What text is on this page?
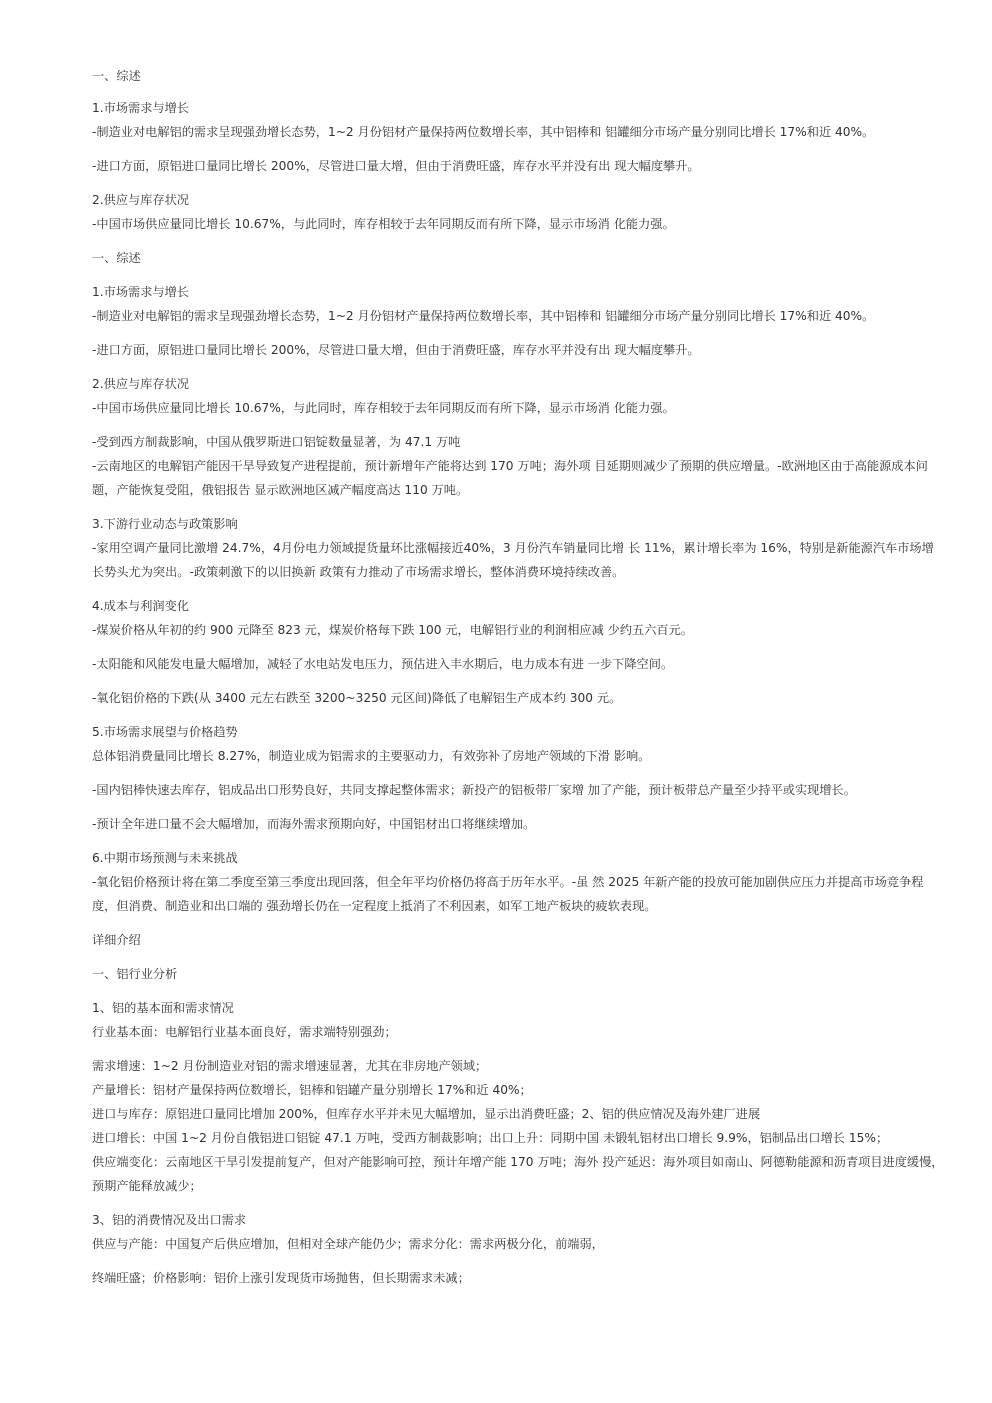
一、综述
1.市场需求与增长
-制造业对电解铝的需求呈现强劲增长态势，1~2 月份铝材产量保持两位数增长率，其中铝棒和 铝罐细分市场产量分别同比增长 17%和近 40%。
-进口方面，原铝进口量同比增长 200%，尽管进口量大增，但由于消费旺盛，库存水平并没有出 现大幅度攀升。
2.供应与库存状况
-中国市场供应量同比增长 10.67%，与此同时，库存相较于去年同期反而有所下降，显示市场消 化能力强。
一、综述
1.市场需求与增长
-制造业对电解铝的需求呈现强劲增长态势，1~2 月份铝材产量保持两位数增长率，其中铝棒和 铝罐细分市场产量分别同比增长 17%和近 40%。
-进口方面，原铝进口量同比增长 200%，尽管进口量大增，但由于消费旺盛，库存水平并没有出 现大幅度攀升。
2.供应与库存状况
-中国市场供应量同比增长 10.67%，与此同时，库存相较于去年同期反而有所下降，显示市场消 化能力强。
-受到西方制裁影响，中国从俄罗斯进口铝锭数量显著，为 47.1 万吨
-云南地区的电解铝产能因干旱导致复产进程提前，预计新增年产能将达到 170 万吨；海外项 目延期则减少了预期的供应增量。-欧洲地区由于高能源成本问题，产能恢复受阻，俄铝报告 显示欧洲地区减产幅度高达 110 万吨。
3.下游行业动态与政策影响
-家用空调产量同比激增 24.7%，4月份电力领域提货量环比涨幅接近40%，3 月份汽车销量同比增 长 11%，累计增长率为 16%，特别是新能源汽车市场增长势头尤为突出。-政策刺激下的以旧换新 政策有力推动了市场需求增长，整体消费环境持续改善。
4.成本与利润变化
-煤炭价格从年初的约 900 元降至 823 元，煤炭价格每下跌 100 元，电解铝行业的利润相应减 少约五六百元。
-太阳能和风能发电量大幅增加，减轻了水电站发电压力，预估进入丰水期后，电力成本有进 一步下降空间。
-氧化铝价格的下跌(从 3400 元左右跌至 3200~3250 元区间)降低了电解铝生产成本约 300 元。
5.市场需求展望与价格趋势
总体铝消费量同比增长 8.27%，制造业成为铝需求的主要驱动力，有效弥补了房地产领域的下滑 影响。
-国内铝棒快速去库存，铝成品出口形势良好，共同支撑起整体需求；新投产的铝板带厂家增 加了产能，预计板带总产量至少持平或实现增长。
-预计全年进口量不会大幅增加，而海外需求预期向好，中国铝材出口将继续增加。
6.中期市场预测与未来挑战
-氧化铝价格预计将在第二季度至第三季度出现回落，但全年平均价格仍将高于历年水平。-虽 然 2025 年新产能的投放可能加剧供应压力并提高市场竞争程度，但消费、制造业和出口端的 强劲增长仍在一定程度上抵消了不利因素，如军工地产板块的疲软表现。
详细介绍
一、铝行业分析
1、铝的基本面和需求情况
行业基本面：电解铝行业基本面良好，需求端特别强劲；
需求增速：1~2 月份制造业对铝的需求增速显著，尤其在非房地产领域；
产量增长：铝材产量保持两位数增长，铝棒和铝罐产量分别增长 17%和近 40%；
进口与库存：原铝进口量同比增加 200%，但库存水平并未见大幅增加，显示出消费旺盛；2、铝的供应情况及海外建厂进展
进口增长：中国 1~2 月份自俄铝进口铝锭 47.1 万吨，受西方制裁影响；出口上升：同期中国 未锻轧铝材出口增长 9.9%，铝制品出口增长 15%；
供应端变化：云南地区干旱引发提前复产，但对产能影响可控，预计年增产能 170 万吨；海外 投产延迟：海外项目如南山、阿德勒能源和沥青项目进度缓慢，预期产能释放减少；
3、铝的消费情况及出口需求
供应与产能：中国复产后供应增加，但相对全球产能仍少；需求分化：需求两极分化，前端弱，
终端旺盛；价格影响：铝价上涨引发现货市场抛售，但长期需求未减；
